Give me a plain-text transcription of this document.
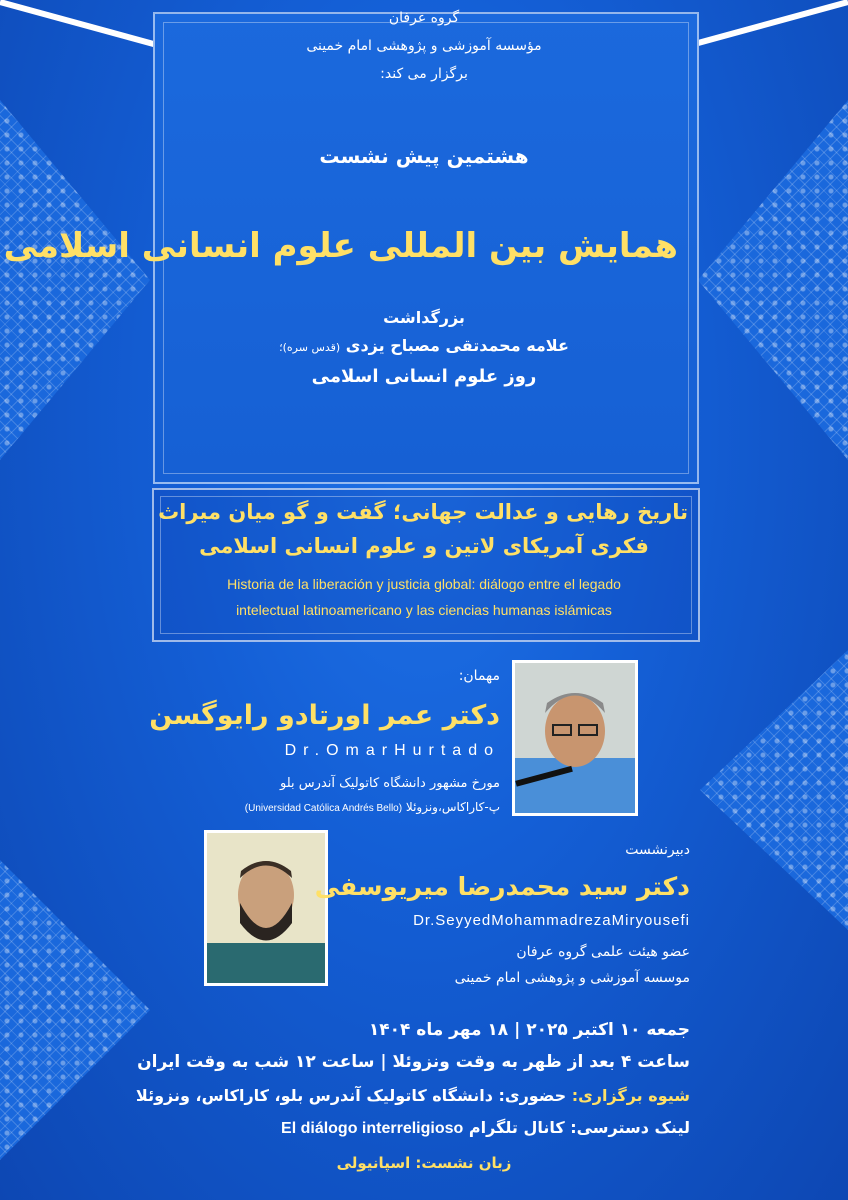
گروه عرفان
مؤسسه آموزشی و پژوهشی امام خمینی
برگزار می کند:
هشتمین پیش نشست
همایش بین المللی علوم انسانی اسلامی
بزرگداشت
علامه محمدتقی مصباح یزدی (قدس سره)؛
روز علوم انسانی اسلامی
تاریخ رهایی و عدالت جهانی؛ گفت و گو میان میراث
فکری آمریکای لاتین و علوم انسانی اسلامی
Historia de la liberación y justicia global: diálogo entre el legado
intelectual latinoamericano y las ciencias humanas islámicas
مهمان:
دکتر عمر اورتادو رایوگسن
Dr.OmarHurtado
مورخ مشهور دانشگاه کاتولیک آندرس بلو
پ-کاراکاس،ونزوئلا (Universidad Católica Andrés Bello)
دبیرنشست
دکتر سید محمدرضا میریوسفی
Dr.SeyyedMohammadrezaMiryousefi
عضو هیئت علمی گروه عرفان
موسسه آموزشی و پژوهشی امام خمینی
جمعه ۱۰ اکتبر ۲۰۲۵ | ۱۸ مهر ماه ۱۴۰۴
ساعت ۴ بعد از ظهر به وقت ونزوئلا | ساعت ۱۲ شب به وقت ایران
شیوه برگزاری: حضوری: دانشگاه کاتولیک آندرس بلو، کاراکاس، ونزوئلا
لینک دسترسی: کانال تلگرام El diálogo interreligioso
زبان نشست: اسپانیولی
